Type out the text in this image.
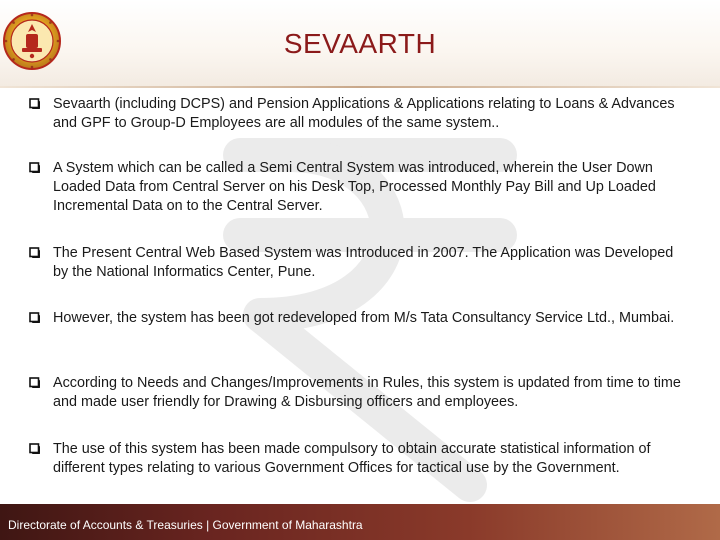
SEVAARTH
Sevaarth (including DCPS) and Pension Applications & Applications relating to Loans & Advances and GPF to Group-D Employees are all modules of the same system..
A System which can be called a Semi Central System was introduced, wherein the User Down Loaded Data from Central Server on his Desk Top, Processed Monthly Pay Bill and Up Loaded Incremental Data on to the Central Server.
The Present Central Web Based System was Introduced in 2007. The Application was Developed by the National Informatics Center, Pune.
However, the system has been got redeveloped from M/s Tata Consultancy Service Ltd., Mumbai.
According to Needs and Changes/Improvements in Rules, this system is updated from time to time and made user friendly for Drawing & Disbursing officers and employees.
The use of this system has been made compulsory to obtain accurate statistical information of different types relating to various Government Offices for tactical use by the Government.
Directorate of Accounts & Treasuries | Government of Maharashtra
